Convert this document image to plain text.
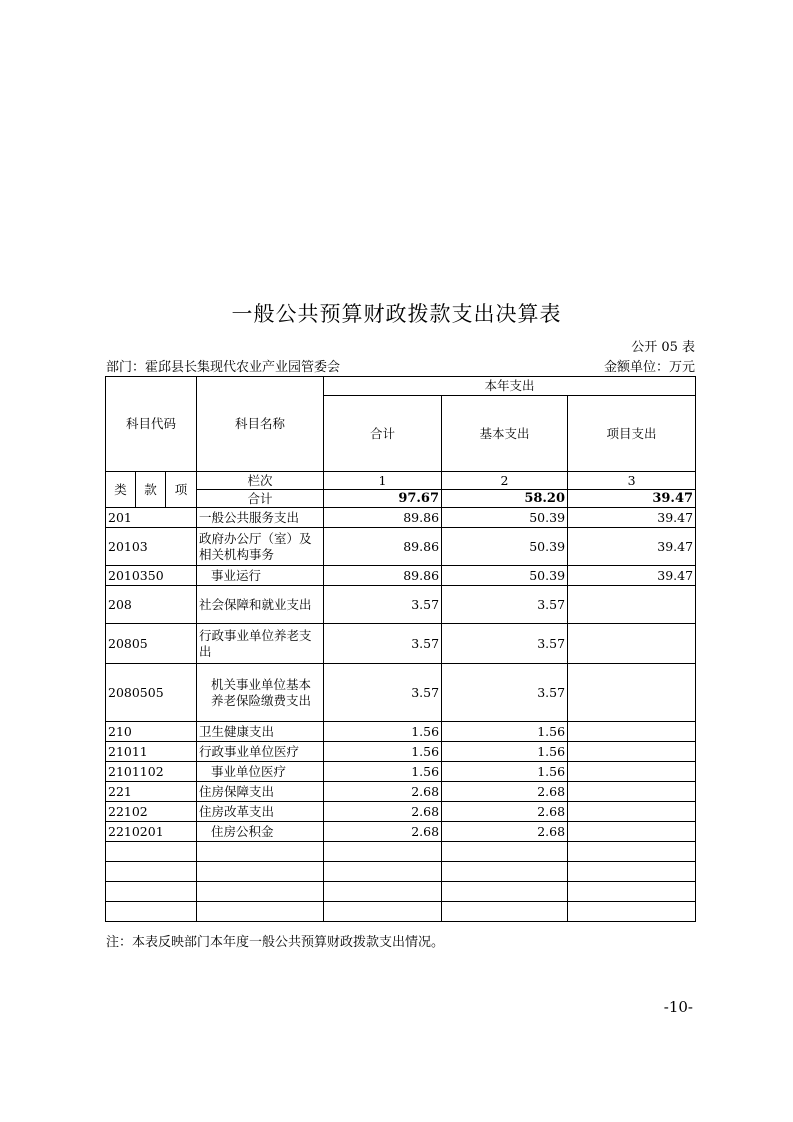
一般公共预算财政拨款支出决算表
公开 05 表
部门：霍邱县长集现代农业产业园管委会	金额单位：万元
科目代码			科目名称	本年支出		
				合计	基本支出	项目支出
类	款	项	栏次	1	2	3
			合计	97.67	58.20	39.47
201			一般公共服务支出	89.86	50.39	39.47
20103			政府办公厅（室）及相关机构事务	89.86	50.39	39.47
2010350			事业运行	89.86	50.39	39.47
208			社会保障和就业支出	3.57	3.57	
20805			行政事业单位养老支出	3.57	3.57	
2080505			机关事业单位基本养老保险缴费支出	3.57	3.57	
210			卫生健康支出	1.56	1.56	
21011			行政事业单位医疗	1.56	1.56	
2101102			事业单位医疗	1.56	1.56	
221			住房保障支出	2.68	2.68	
22102			住房改革支出	2.68	2.68	
2210201			住房公积金	2.68	2.68	

注：本表反映部门本年度一般公共预算财政拨款支出情况。
-10-
